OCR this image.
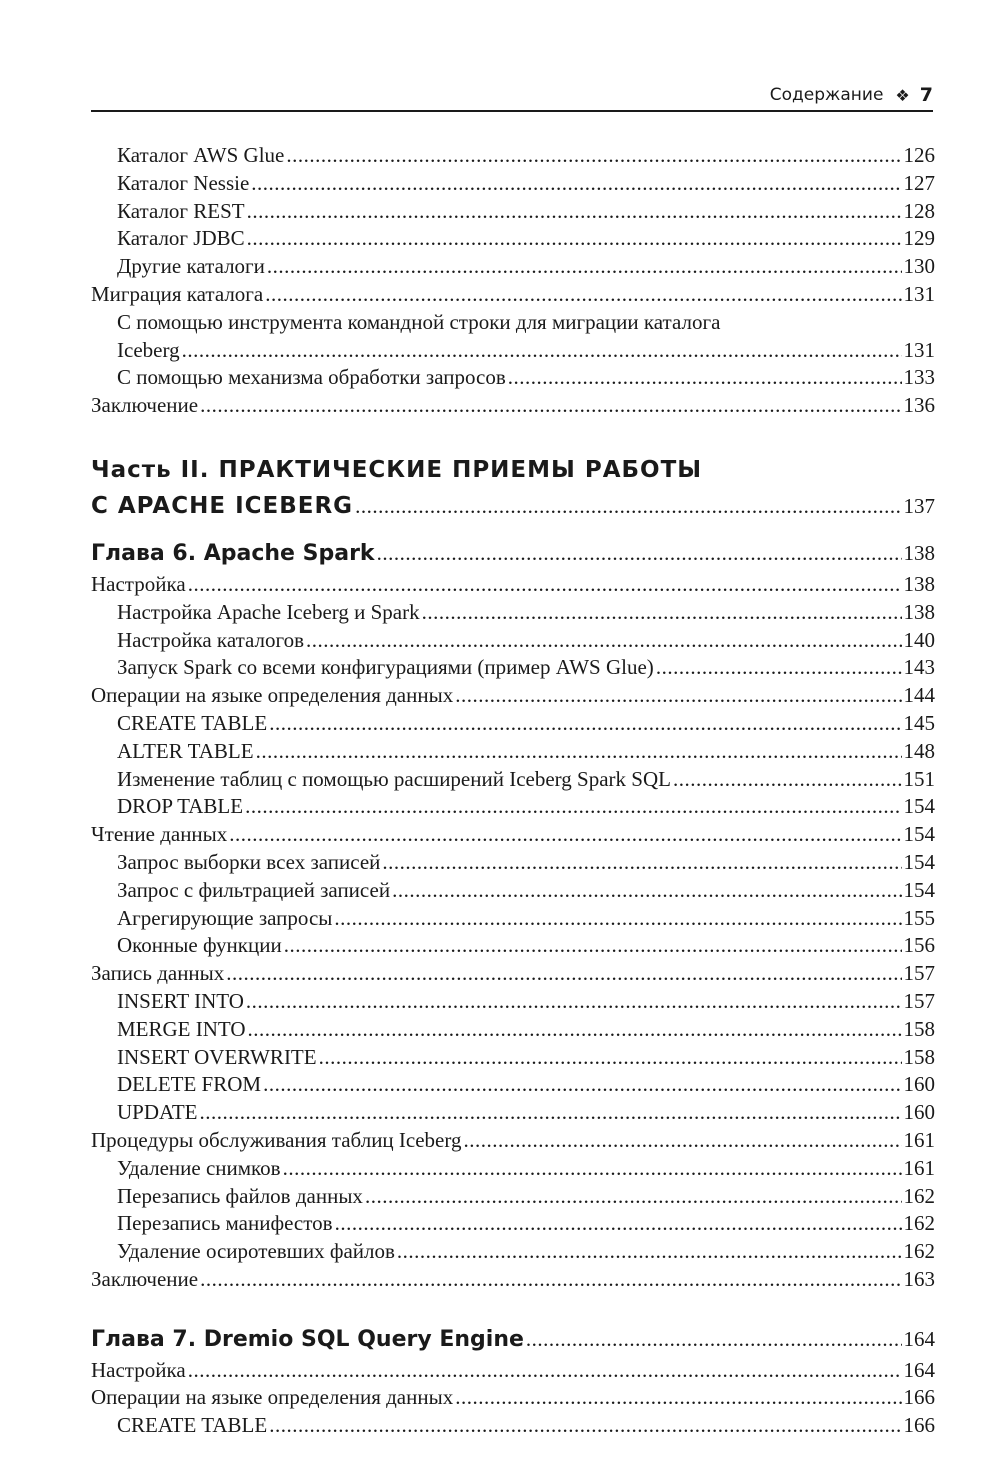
Содержание ❖ 7
Каталог AWS Glue .....	126
Каталог Nessie .....	127
Каталог REST .....	128
Каталог JDBC .....	129
Другие каталоги .....	130
Миграция каталога .....	131
С помощью инструмента командной строки для миграции каталога
Iceberg .....	131
С помощью механизма обработки запросов .....	133
Заключение .....	136
Часть II. ПРАКТИЧЕСКИЕ ПРИЕМЫ РАБОТЫ
С APACHE ICEBERG .....	137
Глава 6. Apache Spark .....	138
Настройка .....	138
Настройка Apache Iceberg и Spark .....	138
Настройка каталогов .....	140
Запуск Spark со всеми конфигурациями (пример AWS Glue) .....	143
Операции на языке определения данных .....	144
CREATE TABLE .....	145
ALTER TABLE .....	148
Изменение таблиц с помощью расширений Iceberg Spark SQL .....	151
DROP TABLE .....	154
Чтение данных .....	154
Запрос выборки всех записей .....	154
Запрос с фильтрацией записей .....	154
Агрегирующие запросы .....	155
Оконные функции .....	156
Запись данных .....	157
INSERT INTO .....	157
MERGE INTO .....	158
INSERT OVERWRITE .....	158
DELETE FROM .....	160
UPDATE .....	160
Процедуры обслуживания таблиц Iceberg .....	161
Удаление снимков .....	161
Перезапись файлов данных .....	162
Перезапись манифестов .....	162
Удаление осиротевших файлов .....	162
Заключение .....	163
Глава 7. Dremio SQL Query Engine .....	164
Настройка .....	164
Операции на языке определения данных .....	166
CREATE TABLE .....	166
